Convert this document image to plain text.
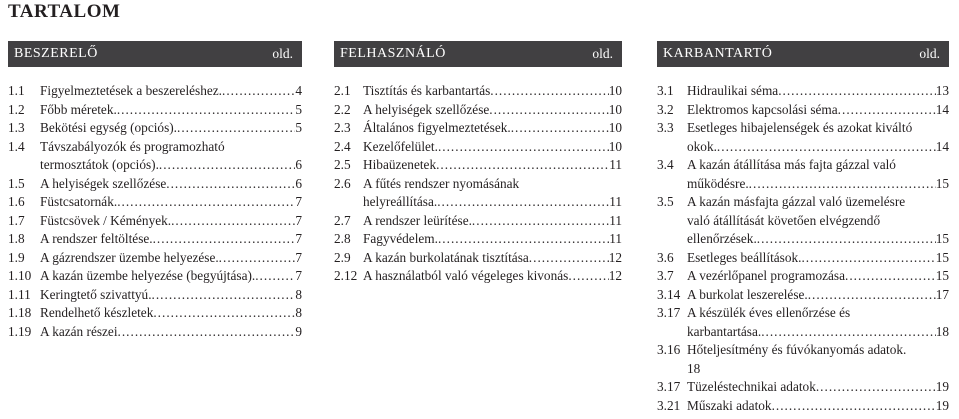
TARTALOM
BESZERELŐ	old.
1.1	Figyelmeztetések a beszereléshez. .....	4
1.2	Főbb méretek. .....	5
1.3	Bekötési egység (opciós). .....	5
1.4	Távszabályozók és programozható
termosztátok (opciós). .....	6
1.5	A helyiségek szellőzése .....	6
1.6	Füstcsatornák. .....	7
1.7	Füstcsövek / Kémények. .....	7
1.8	A rendszer feltöltése. .....	7
1.9	A gázrendszer üzembe helyezése. .....	7
1.10 A kazán üzembe helyezése (begyújtása). .....	7
1.11 Keringtető szivattyú. .....	8
1.18 Rendelhető készletek .....	8
1.19 A kazán részei .....	9
FELHASZNÁLÓ	old.
2.1 Tisztítás és karbantartás .....	10
2.2 A helyiségek szellőzése .....	10
2.3 Általános figyelmeztetések. .....	10
2.4 Kezelőfelület. .....	10
2.5 Hibaüzenetek .....	11
2.6 A fűtés rendszer nyomásának
helyreállítása. .....	11
2.7 A rendszer leürítése. .....	11
2.8 Fagyvédelem. .....	11
2.9 A kazán burkolatának tisztítása .....	12
2.12 A használatból való végeleges kivonás .....	12
KARBANTARTÓ	old.
3.1	Hidraulikai séma .....	13
3.2	Elektromos kapcsolási séma .....	14
3.3	Esetleges hibajelenségek és azokat kiváltó
okok. .....	14
3.4	A kazán átállítása más fajta gázzal való
működésre. .....	15
3.5	A kazán másfajta gázzal való üzemelésre
való átállítását követően elvégzendő
ellenőrzések. .....	15
3.6	Esetleges beállítások. .....	15
3.7	A vezérlőpanel programozása .....	15
3.14 A burkolat leszerelése. .....	17
3.17 A készülék éves ellenőrzése és
karbantartása. .....	18
3.16 Hőteljesítmény és fúvókanyomás adatok.
18
3.17 Tüzeléstechnikai adatok .....	19
3.21 Műszaki adatok .....	19
